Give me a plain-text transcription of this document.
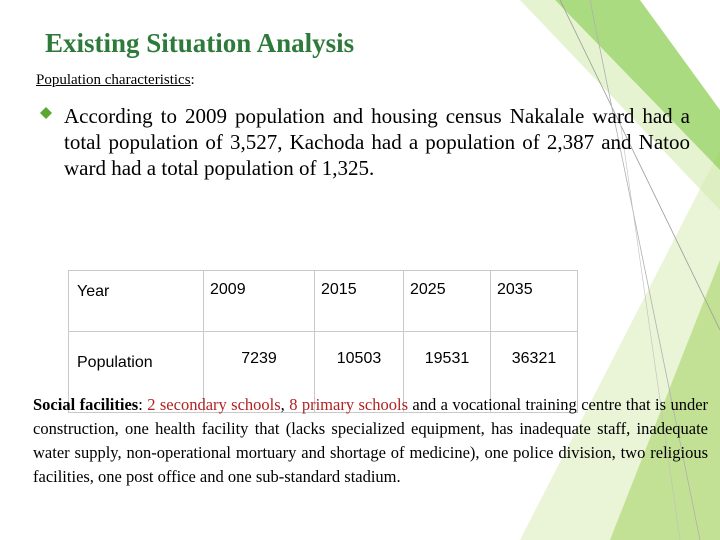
Existing Situation Analysis
Population characteristics:
According to 2009 population and housing census Nakalale ward had a total population of 3,527, Kachoda had a population of 2,387 and Natoo ward had a total population of 1,325.
Year	2009	2015	2025	2035
Population	7239	10503	19531	36321
Social facilities: 2 secondary schools, 8 primary schools and a vocational training centre that is under construction, one health facility that (lacks specialized equipment, has inadequate staff, inadequate water supply, non-operational mortuary and shortage of medicine), one police division, two religious facilities, one post office and one sub-standard stadium.
